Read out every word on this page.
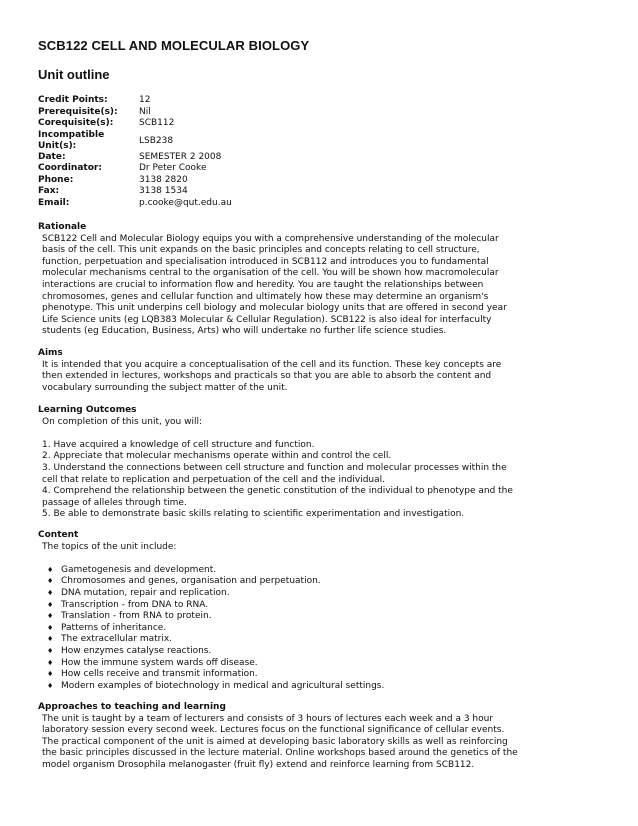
SCB122 CELL AND MOLECULAR BIOLOGY
Unit outline
Credit Points:	12
Prerequisite(s):	Nil
Corequisite(s):	SCB112
Incompatible Unit(s):	LSB238
Date:	SEMESTER 2 2008
Coordinator:	Dr Peter Cooke
Phone:	3138 2820
Fax:	3138 1534
Email:	p.cooke@qut.edu.au
Rationale

SCB122 Cell and Molecular Biology equips you with a comprehensive understanding of the molecular

basis of the cell. This unit expands on the basic principles and concepts relating to cell structure,

function, perpetuation and specialisation introduced in SCB112 and introduces you to fundamental

molecular mechanisms central to the organisation of the cell. You will be shown how macromolecular

interactions are crucial to information flow and heredity. You are taught the relationships between

chromosomes, genes and cellular function and ultimately how these may determine an organism's

phenotype. This unit underpins cell biology and molecular biology units that are offered in second year

Life Science units (eg LQB383 Molecular & Cellular Regulation). SCB122 is also ideal for interfaculty

students (eg Education, Business, Arts) who will undertake no further life science studies.

Aims

It is intended that you acquire a conceptualisation of the cell and its function. These key concepts are

then extended in lectures, workshops and practicals so that you are able to absorb the content and

vocabulary surrounding the subject matter of the unit.

Learning Outcomes

On completion of this unit, you will:

1. Have acquired a knowledge of cell structure and function.

2. Appreciate that molecular mechanisms operate within and control the cell.

3. Understand the connections between cell structure and function and molecular processes within the

cell that relate to replication and perpetuation of the cell and the individual.

4. Comprehend the relationship between the genetic constitution of the individual to phenotype and the

passage of alleles through time.

5. Be able to demonstrate basic skills relating to scientific experimentation and investigation.

Content

The topics of the unit include:

♦ Gametogenesis and development.
♦ Chromosomes and genes, organisation and perpetuation.
♦ DNA mutation, repair and replication.
♦ Transcription - from DNA to RNA.
♦ Translation - from RNA to protein.
♦ Patterns of inheritance.
♦ The extracellular matrix.
♦ How enzymes catalyse reactions.
♦ How the immune system wards off disease.
♦ How cells receive and transmit information.
♦ Modern examples of biotechnology in medical and agricultural settings.
Approaches to teaching and learning

The unit is taught by a team of lecturers and consists of 3 hours of lectures each week and a 3 hour

laboratory session every second week. Lectures focus on the functional significance of cellular events.

The practical component of the unit is aimed at developing basic laboratory skills as well as reinforcing

the basic principles discussed in the lecture material. Online workshops based around the genetics of the

model organism Drosophila melanogaster (fruit fly) extend and reinforce learning from SCB112.
